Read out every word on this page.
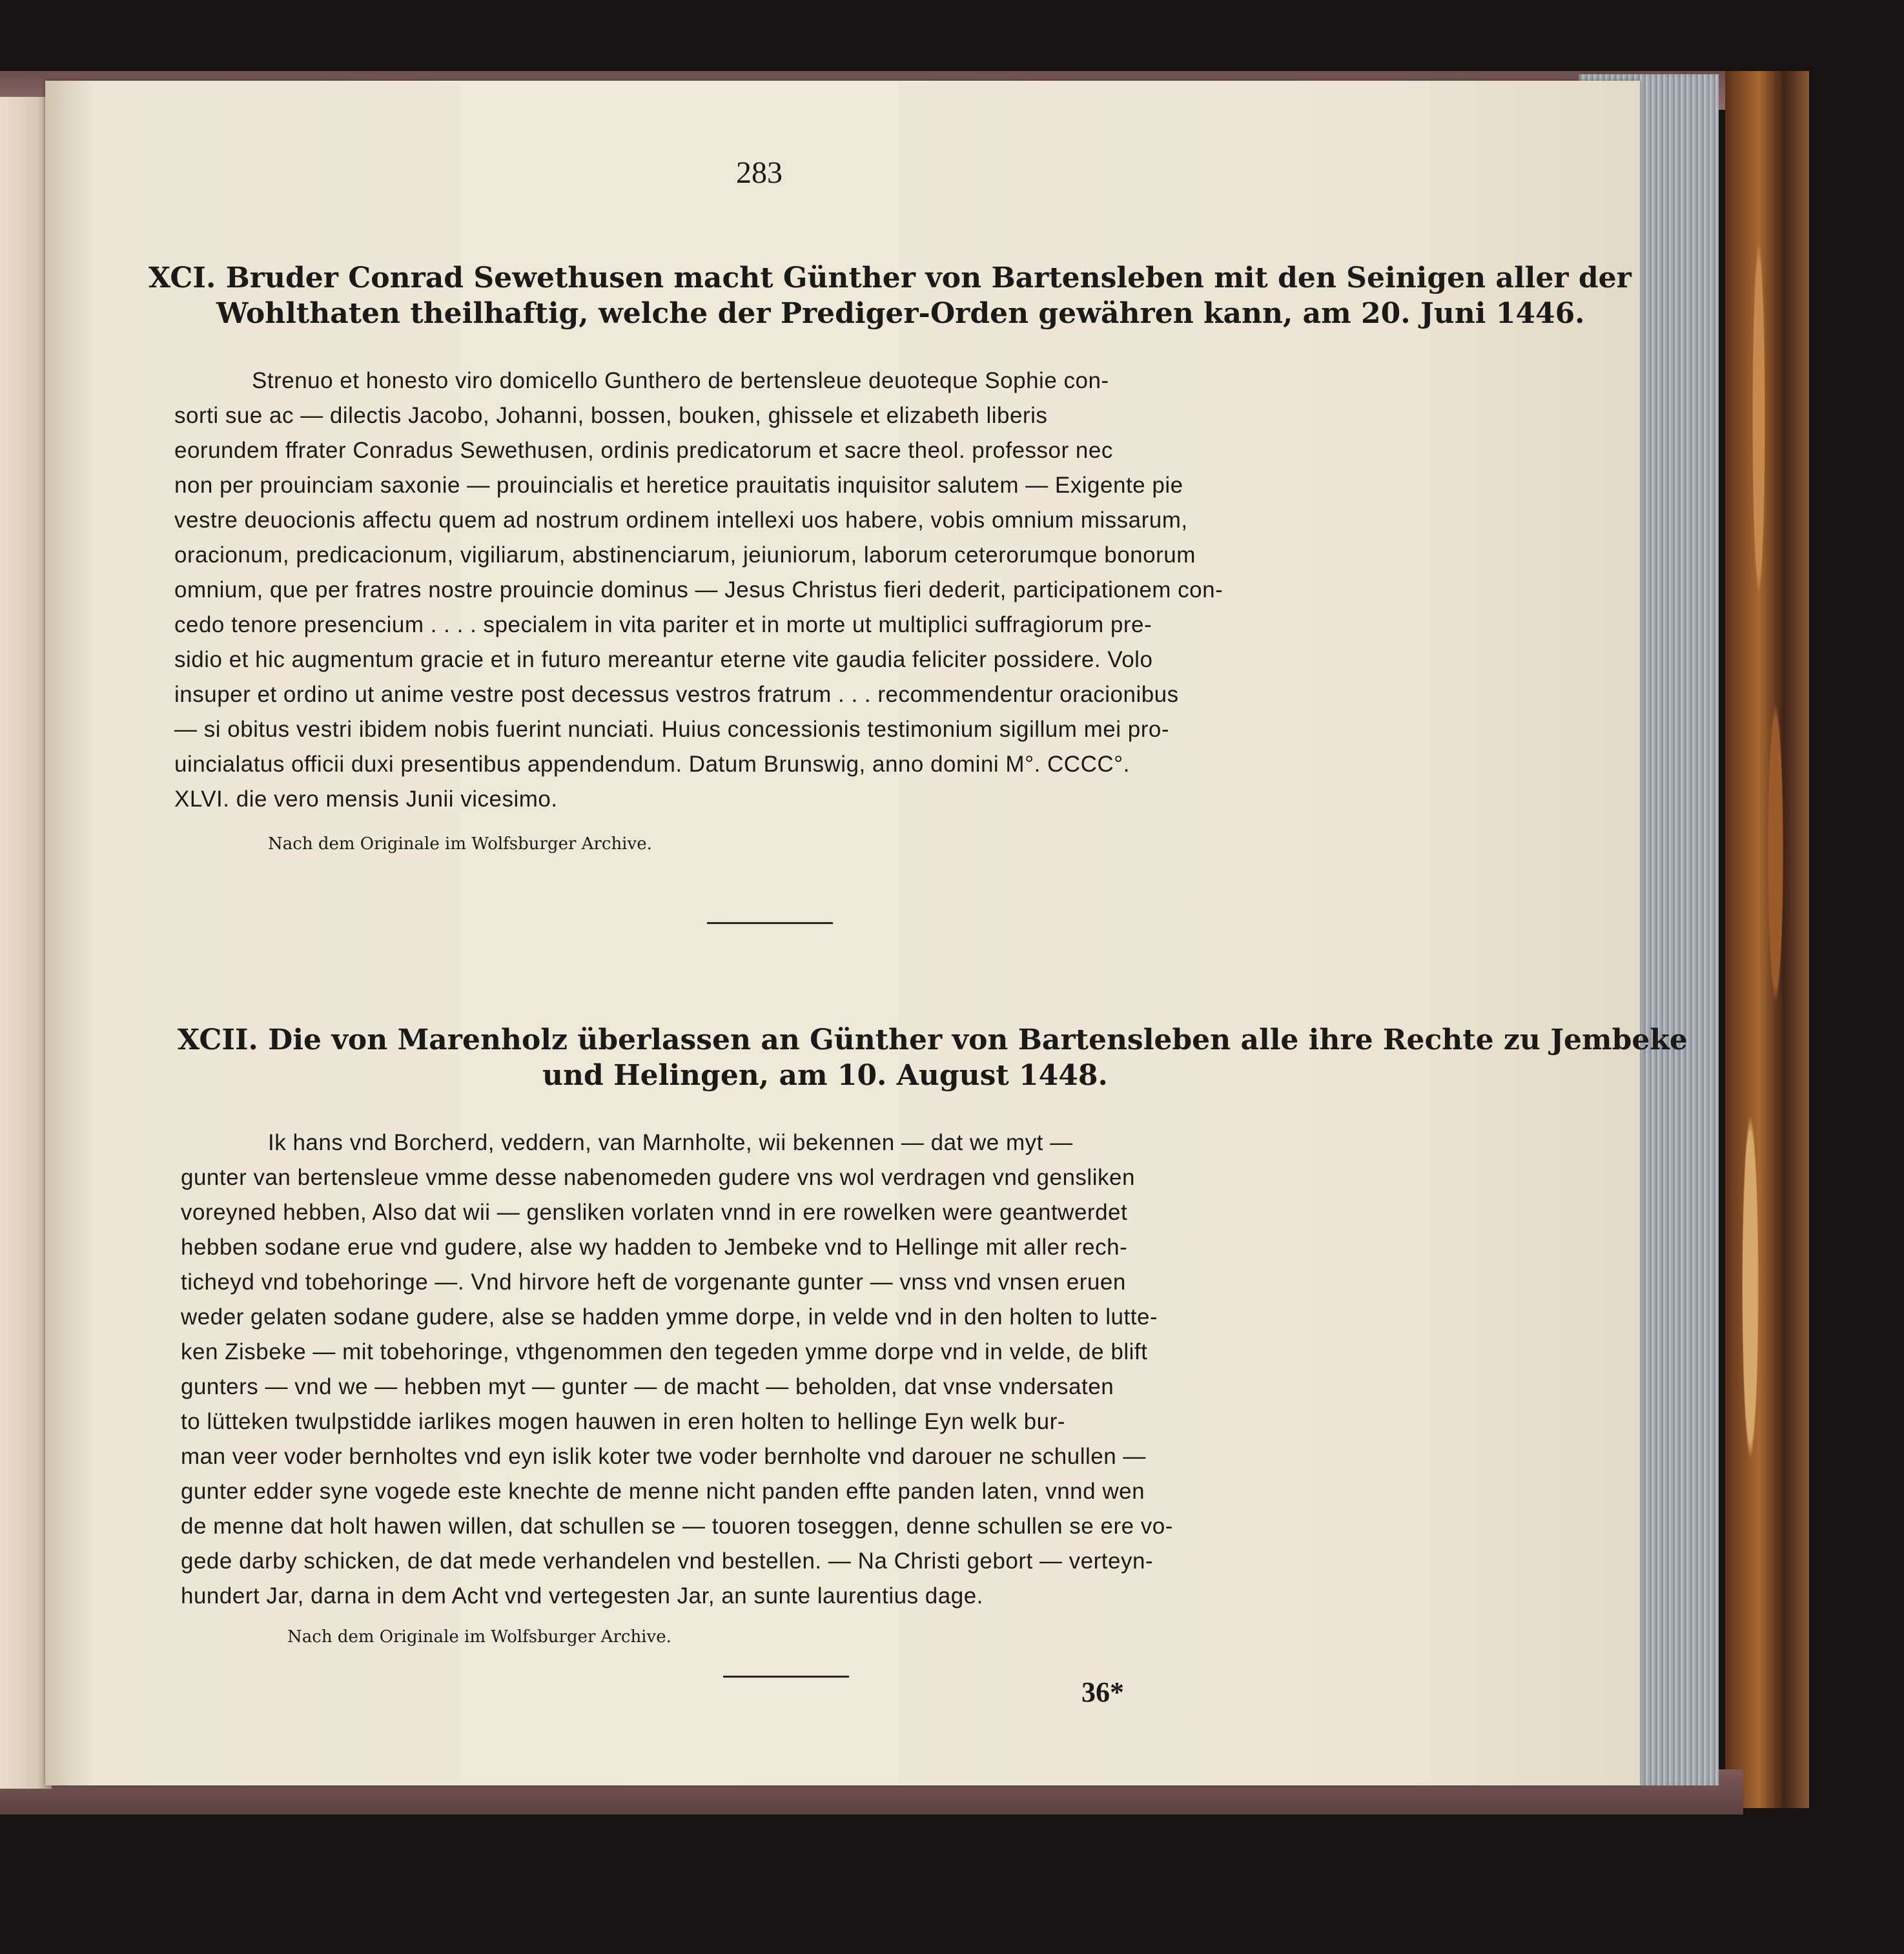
283

XCI. Bruder Conrad Sewethusen macht Günther von Bartensleben mit den Seinigen aller der

Wohlthaten theilhaftig, welche der Prediger-Orden gewähren kann, am 20. Juni 1446.

Strenuo et honesto viro domicello Gunthero de bertensleue deuoteque Sophie con-

sorti sue ac — dilectis Jacobo, Johanni, bossen, bouken, ghissele et elizabeth liberis

eorundem ffrater Conradus Sewethusen, ordinis predicatorum et sacre theol. professor nec

non per prouinciam saxonie — prouincialis et heretice prauitatis inquisitor salutem — Exigente pie

vestre deuocionis affectu quem ad nostrum ordinem intellexi uos habere, vobis omnium missarum,

oracionum, predicacionum, vigiliarum, abstinenciarum, jeiuniorum, laborum ceterorumque bonorum

omnium, que per fratres nostre prouincie dominus — Jesus Christus fieri dederit, participationem con-

cedo tenore presencium . . . . specialem in vita pariter et in morte ut multiplici suffragiorum pre-

sidio et hic augmentum gracie et in futuro mereantur eterne vite gaudia feliciter possidere. Volo

insuper et ordino ut anime vestre post decessus vestros fratrum . . . recommendentur oracionibus

— si obitus vestri ibidem nobis fuerint nunciati. Huius concessionis testimonium sigillum mei pro-

uincialatus officii duxi presentibus appendendum. Datum Brunswig, anno domini M°. CCCC°.

XLVI. die vero mensis Junii vicesimo.

Nach dem Originale im Wolfsburger Archive.

XCII. Die von Marenholz überlassen an Günther von Bartensleben alle ihre Rechte zu Jembeke

und Helingen, am 10. August 1448.

Ik hans vnd Borcherd, veddern, van Marnholte, wii bekennen — dat we myt —

gunter van bertensleue vmme desse nabenomeden gudere vns wol verdragen vnd gensliken

voreyned hebben, Also dat wii — gensliken vorlaten vnnd in ere rowelken were geantwerdet

hebben sodane erue vnd gudere, alse wy hadden to Jembeke vnd to Hellinge mit aller rech-

ticheyd vnd tobehoringe —. Vnd hirvore heft de vorgenante gunter — vnss vnd vnsen eruen

weder gelaten sodane gudere, alse se hadden ymme dorpe, in velde vnd in den holten to lutte-

ken Zisbeke — mit tobehoringe, vthgenommen den tegeden ymme dorpe vnd in velde, de blift

gunters — vnd we — hebben myt — gunter — de macht — beholden, dat vnse vndersaten

to lütteken twulpstidde iarlikes mogen hauwen in eren holten to hellinge Eyn welk bur-

man veer voder bernholtes vnd eyn islik koter twe voder bernholte vnd darouer ne schullen —

gunter edder syne vogede este knechte de menne nicht panden effte panden laten, vnnd wen

de menne dat holt hawen willen, dat schullen se — touoren toseggen, denne schullen se ere vo-

gede darby schicken, de dat mede verhandelen vnd bestellen. — Na Christi gebort — verteyn-

hundert Jar, darna in dem Acht vnd vertegesten Jar, an sunte laurentius dage.

Nach dem Originale im Wolfsburger Archive.

36*
